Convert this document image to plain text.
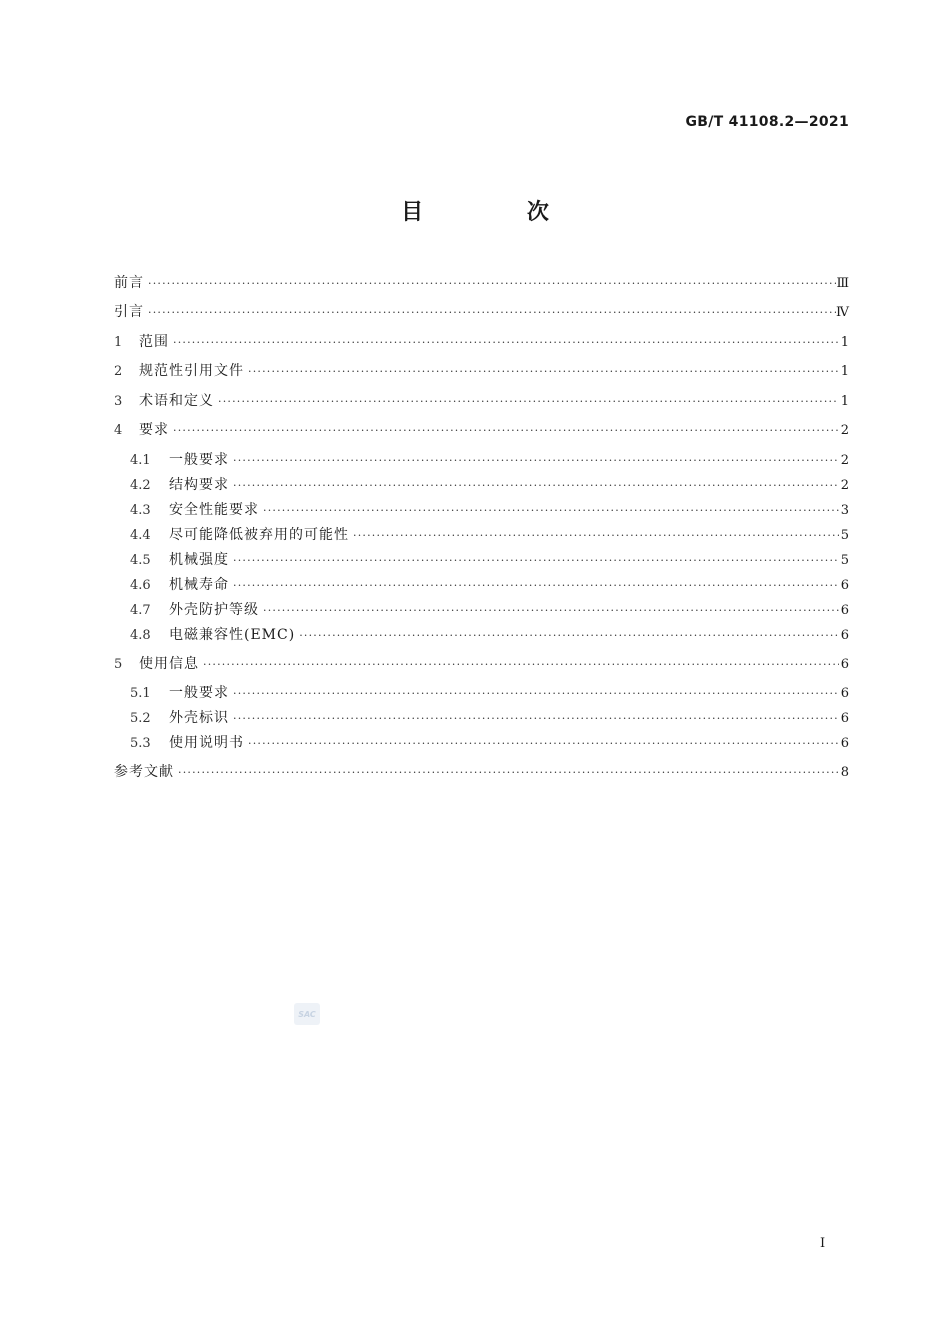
GB/T 41108.2—2021
目 次
前言 ·····	Ⅲ
引言 ·····	Ⅳ
1	范围 ·····	1
2	规范性引用文件 ·····	1
3	术语和定义 ·····	1
4	要求 ·····	2
4.1	一般要求 ·····	2
4.2	结构要求 ·····	2
4.3	安全性能要求 ·····	3
4.4	尽可能降低被弃用的可能性 ·····	5
4.5	机械强度 ·····	5
4.6	机械寿命 ·····	6
4.7	外壳防护等级 ·····	6
4.8	电磁兼容性(EMC) ·····	6
5	使用信息 ·····	6
5.1	一般要求 ·····	6
5.2	外壳标识 ·····	6
5.3	使用说明书 ·····	6
参考文献 ·····	8
SAC
I
